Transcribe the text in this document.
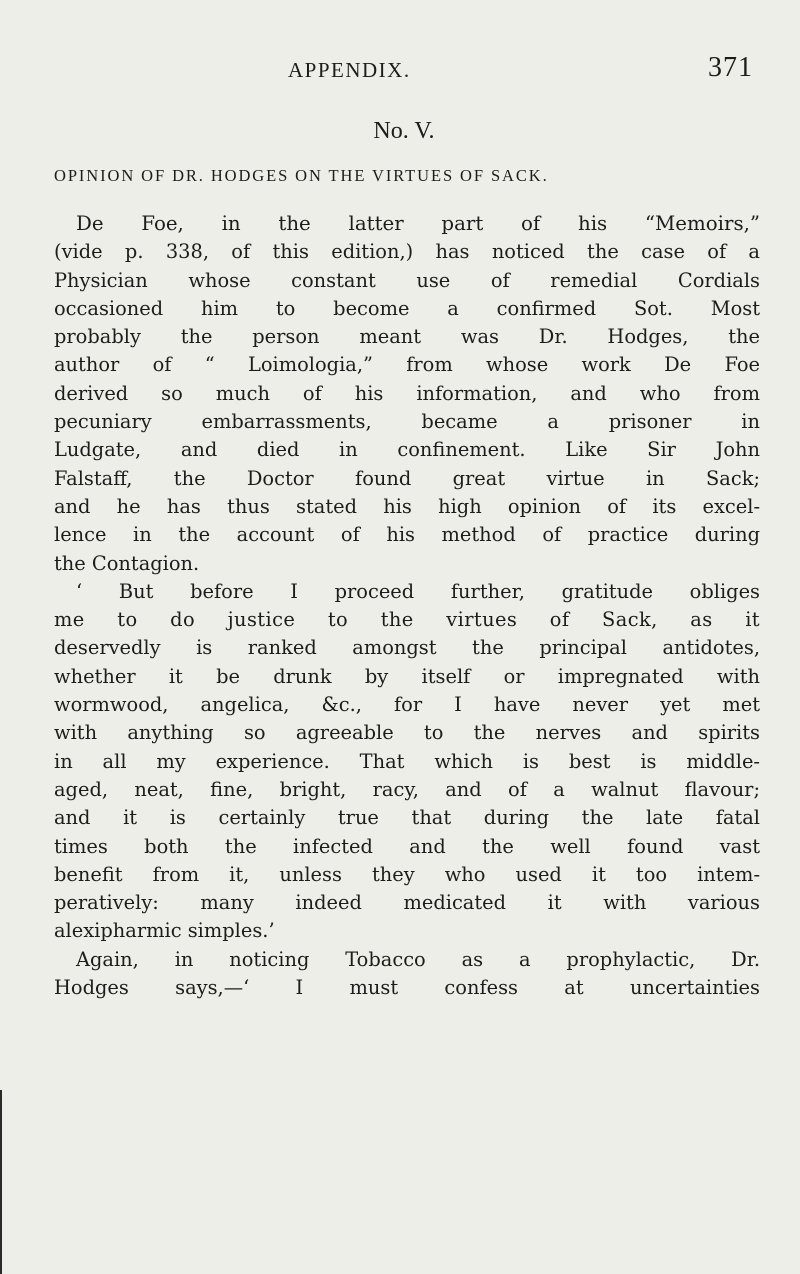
APPENDIX.	371
No. V.
OPINION OF DR. HODGES ON THE VIRTUES OF SACK.
De Foe, in the latter part of his “Memoirs,”
(vide p. 338, of this edition,) has noticed the case of a
Physician whose constant use of remedial Cordials
occasioned him to become a confirmed Sot. Most
probably the person meant was Dr. Hodges, the
author of “ Loimologia,” from whose work De Foe
derived so much of his information, and who from
pecuniary embarrassments, became a prisoner in
Ludgate, and died in confinement. Like Sir John
Falstaff, the Doctor found great virtue in Sack;
and he has thus stated his high opinion of its excel-
lence in the account of his method of practice during
the Contagion.
‘ But before I proceed further, gratitude obliges
me to do justice to the virtues of Sack, as it
deservedly is ranked amongst the principal antidotes,
whether it be drunk by itself or impregnated with
wormwood, angelica, &c., for I have never yet met
with anything so agreeable to the nerves and spirits
in all my experience. That which is best is middle-
aged, neat, fine, bright, racy, and of a walnut flavour;
and it is certainly true that during the late fatal
times both the infected and the well found vast
benefit from it, unless they who used it too intem-
peratively: many indeed medicated it with various
alexipharmic simples.’
Again, in noticing Tobacco as a prophylactic, Dr.
Hodges says,—‘ I must confess at uncertainties
